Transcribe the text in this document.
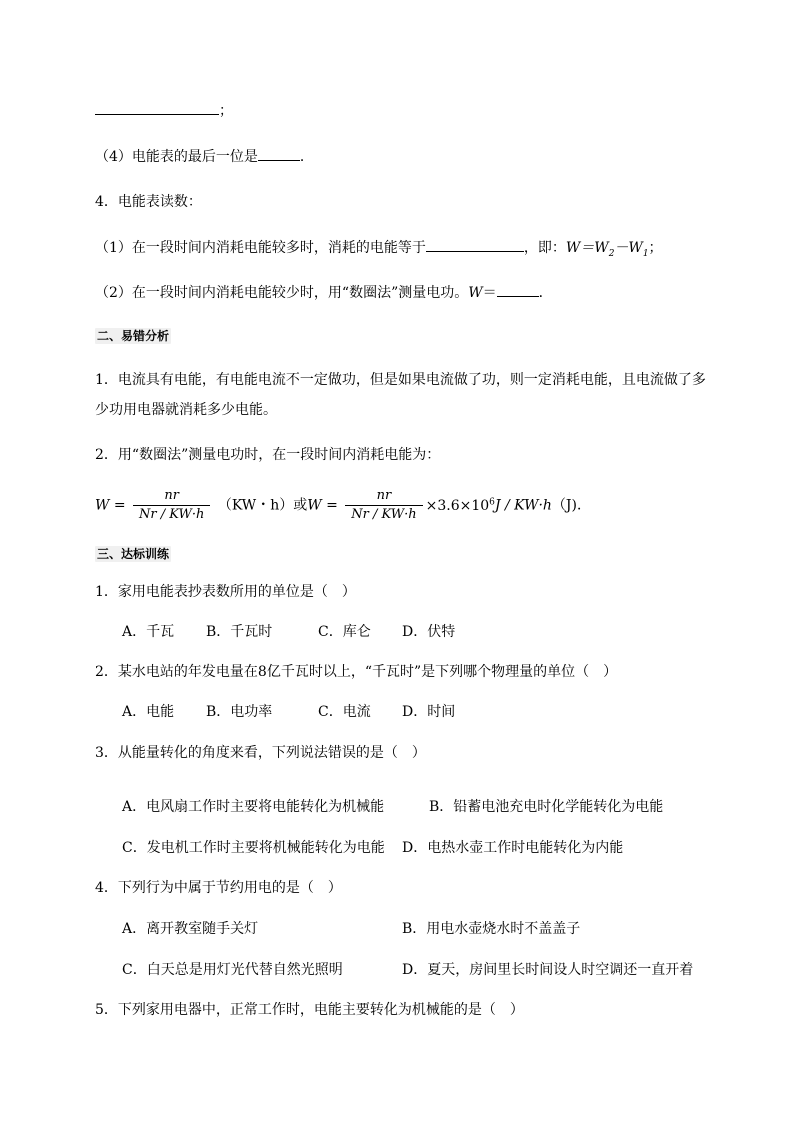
；
（4）电能表的最后一位是	．
4．电能表读数：
（1）在一段时间内消耗电能较多时，消耗的电能等于	，即：$W=W_2-W_1$；
（2）在一段时间内消耗电能较少时，用“数圈法”测量电功。W＝	．
二、易错分析
1．电流具有电能，有电能电流不一定做功，但是如果电流做了功，则一定消耗电能，且电流做了多
少功用电器就消耗多少电能。
2．用“数圈法”测量电功时，在一段时间内消耗电能为：
$W = \frac{nr}{Nr / KW\cdot h} (KW$・h）或$W = \frac{nr}{Nr / KW\cdot h} \times 3.6\times 10^6J / KW\cdot h(J)$．
三、达标训练
1．家用电能表抄表数所用的单位是（　）
A．千瓦 B．千瓦时	C．库仑 D．伏特
2．某水电站的年发电量在8亿千瓦时以上，“千瓦时”是下列哪个物理量的单位（　）
A．电能 B．电功率	C．电流 D．时间
3．从能量转化的角度来看，下列说法错误的是（　）
A．电风扇工作时主要将电能转化为机械能	B．铅蓄电池充电时化学能转化为电能
C．发电机工作时主要将机械能转化为电能 D．电热水壶工作时电能转化为内能
4．下列行为中属于节约用电的是（　）
A．离开教室随手关灯	B．用电水壶烧水时不盖盖子
C．白天总是用灯光代替自然光照明	D．夏天，房间里长时间设人时空调还一直开着
5．下列家用电器中，正常工作时，电能主要转化为机械能的是（　）
